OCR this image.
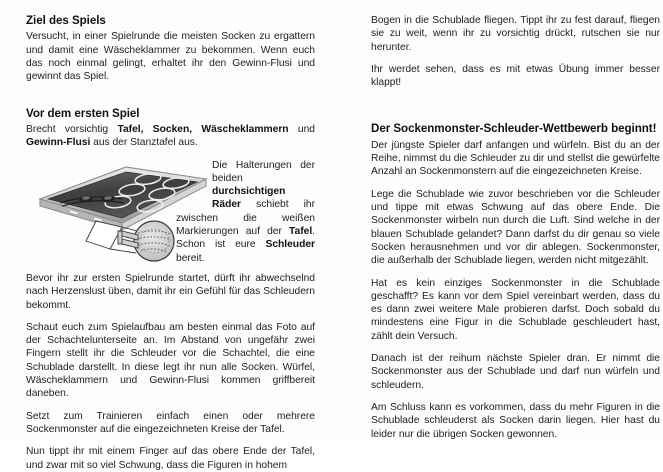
Ziel des Spiels

Versucht, in einer Spielrunde die meisten Socken zu ergattern und damit eine Wäscheklammer zu bekommen. Wenn euch das noch einmal gelingt, erhaltet ihr den Gewinn-Flusi und gewinnt das Spiel.

Vor dem ersten Spiel

Brecht vorsichtig Tafel, Socken, Wäscheklammern und Gewinn-Flusi aus der Stanztafel aus.

Die Halterungen der beiden durchsichtigen Räder schiebt ihr zwischen die weißen Markierungen auf der Tafel. Schon ist eure Schleuder bereit.

Bevor ihr zur ersten Spielrunde startet, dürft ihr abwechselnd nach Herzenslust üben, damit ihr ein Gefühl für das Schleudern bekommt.

Schaut euch zum Spielaufbau am besten einmal das Foto auf der Schachtelunterseite an. Im Abstand von ungefähr zwei Fingern stellt ihr die Schleuder vor die Schachtel, die eine Schublade darstellt. In diese legt ihr nun alle Socken. Würfel, Wäscheklammern und Gewinn-Flusi kommen griffbereit daneben.

Setzt zum Trainieren einfach einen oder mehrere Sockenmonster auf die eingezeichneten Kreise der Tafel.

Nun tippt ihr mit einem Finger auf das obere Ende der Tafel, und zwar mit so viel Schwung, dass die Figuren in hohem

Bogen in die Schublade fliegen. Tippt ihr zu fest darauf, fliegen sie zu weit, wenn ihr zu vorsichtig drückt, rutschen sie nur herunter.

Ihr werdet sehen, dass es mit etwas Übung immer besser klappt!

Der Sockenmonster-Schleuder-Wettbewerb beginnt!

Der jüngste Spieler darf anfangen und würfeln. Bist du an der Reihe, nimmst du die Schleuder zu dir und stellst die gewürfelte Anzahl an Sockenmonstern auf die eingezeichneten Kreise.

Lege die Schublade wie zuvor beschrieben vor die Schleuder und tippe mit etwas Schwung auf das obere Ende. Die Sockenmonster wirbeln nun durch die Luft. Sind welche in der blauen Schublade gelandet? Dann darfst du dir genau so viele Socken herausnehmen und vor dir ablegen. Sockenmonster, die außerhalb der Schublade liegen, werden nicht mitgezählt.

Hat es kein einziges Sockenmonster in die Schublade geschafft? Es kann vor dem Spiel vereinbart werden, dass du es dann zwei weitere Male probieren darfst. Doch sobald du mindestens eine Figur in die Schublade geschleudert hast, zählt dein Versuch.

Danach ist der reihum nächste Spieler dran. Er nimmt die Sockenmonster aus der Schublade und darf nun würfeln und schleudern.

Am Schluss kann es vorkommen, dass du mehr Figuren in die Schublade schleuderst als Socken darin liegen. Hier hast du leider nur die übrigen Socken gewonnen.
